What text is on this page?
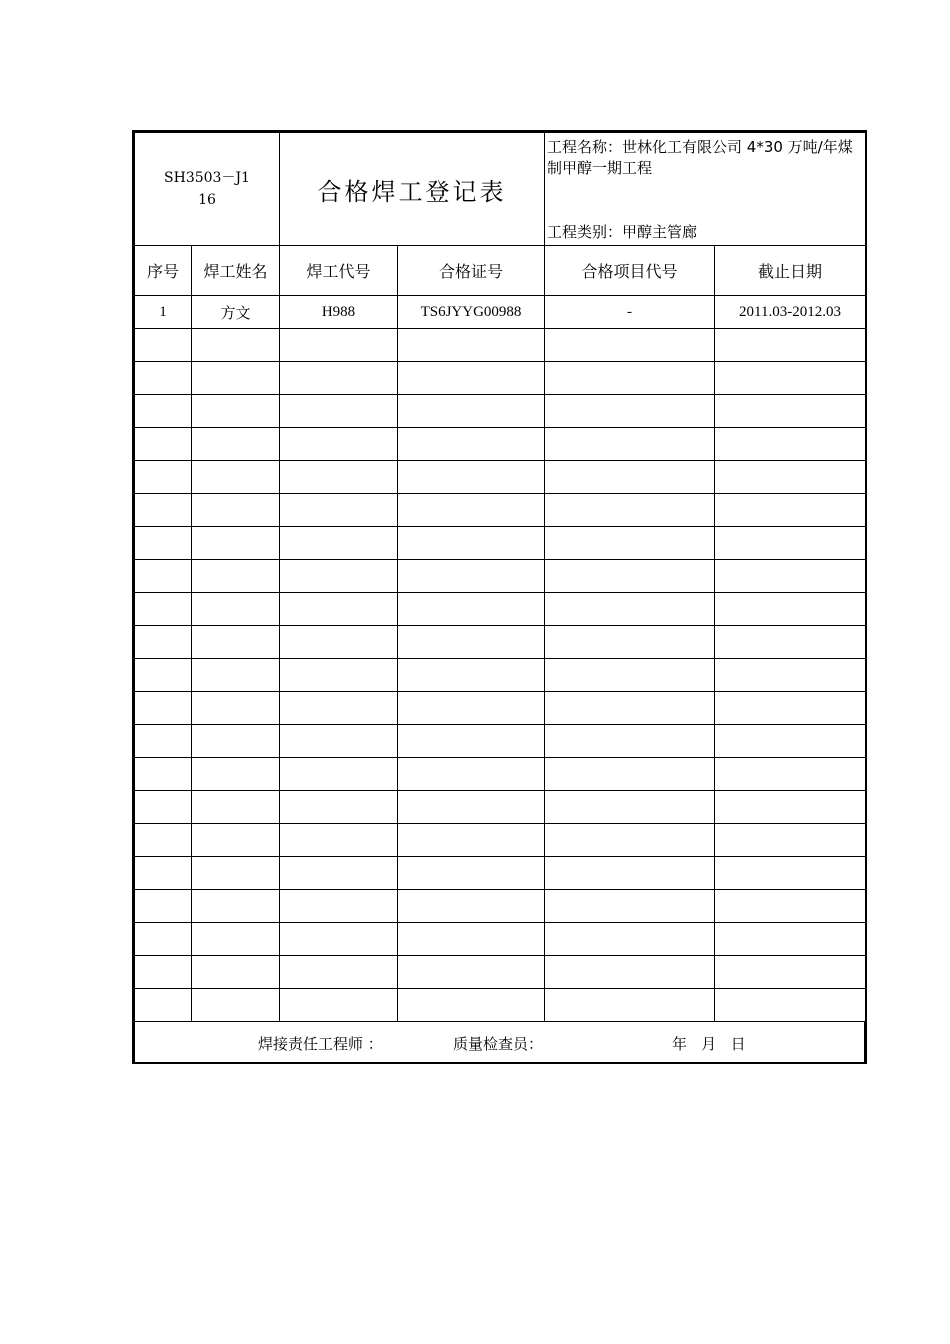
SH3503－J116		合格焊工登记表		工程名称：世林化工有限公司 4*30 万吨/年煤制甲醇一期工程
工程类别：甲醇主管廊	

序号	焊工姓名	焊工代号	合格证号	合格项目代号	截止日期
1	方文	H988	TS6JYYG00988	-	2011.03-2012.03

焊接责任工程师 ：	质量检查员：	年   月   日
